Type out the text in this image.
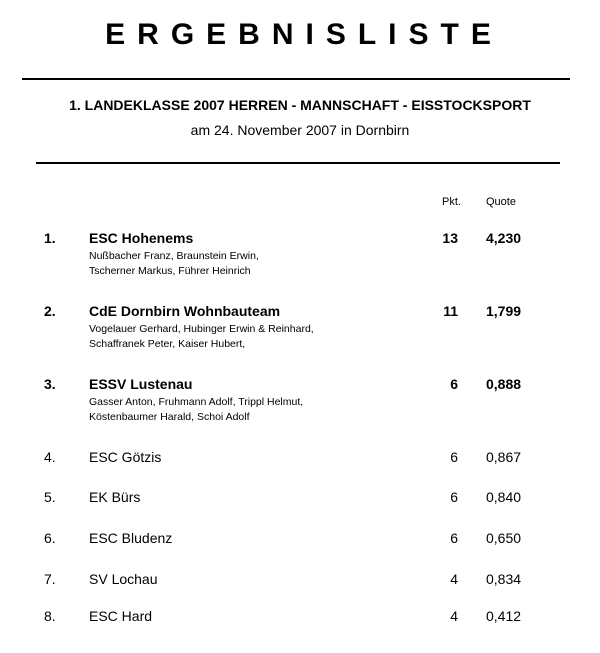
ERGEBNISLISTE
1. LANDEKLASSE 2007 HERREN - MANNSCHAFT - EISSTOCKSPORT
am 24. November 2007 in Dornbirn
Pkt. Quote
1. ESC Hohenems	13 4,230
Nußbacher Franz, Braunstein Erwin,
Tscherner Markus, Führer Heinrich
2. CdE Dornbirn Wohnbauteam	11 1,799
Vogelauer Gerhard, Hubinger Erwin & Reinhard,
Schaffranek Peter, Kaiser Hubert,
3. ESSV Lustenau	6 0,888
Gasser Anton, Fruhmann Adolf, Trippl Helmut,
Köstenbaumer Harald, Schoi Adolf
4. ESC Götzis	6 0,867
5. EK Bürs	6 0,840
6. ESC Bludenz	6 0,650
7. SV Lochau	4 0,834
8. ESC Hard	4 0,412
